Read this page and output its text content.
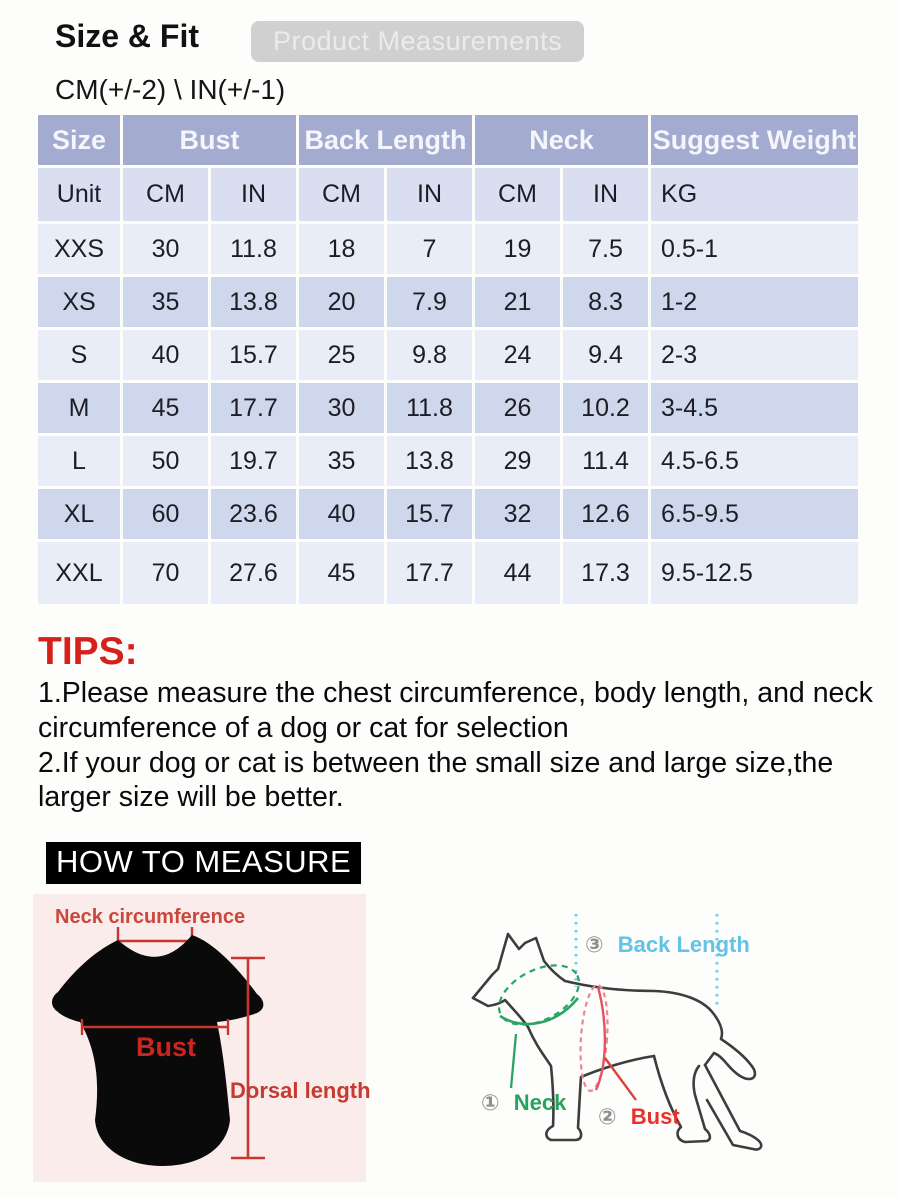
Size & Fit	Product Measurements
CM(+/-2) \ IN(+/-1)
Size	Bust		Back Length		Neck		Suggest Weight
Unit	CM	IN	CM	IN	CM	IN	KG
XXS	30	11.8	18	7	19	7.5	0.5-1
XS	35	13.8	20	7.9	21	8.3	1-2
S	40	15.7	25	9.8	24	9.4	2-3
M	45	17.7	30	11.8	26	10.2	3-4.5
L	50	19.7	35	13.8	29	11.4	4.5-6.5
XL	60	23.6	40	15.7	32	12.6	6.5-9.5
XXL	70	27.6	45	17.7	44	17.3	9.5-12.5
TIPS:

1.Please measure the chest circumference, body length, and neck circumference of a dog or cat for selection

2.If your dog or cat is between the small size and large size,the larger size will be better.

HOW TO MEASURE
Neck circumference
Bust
Dorsal length
③ Back Length
① Neck
② Bust
